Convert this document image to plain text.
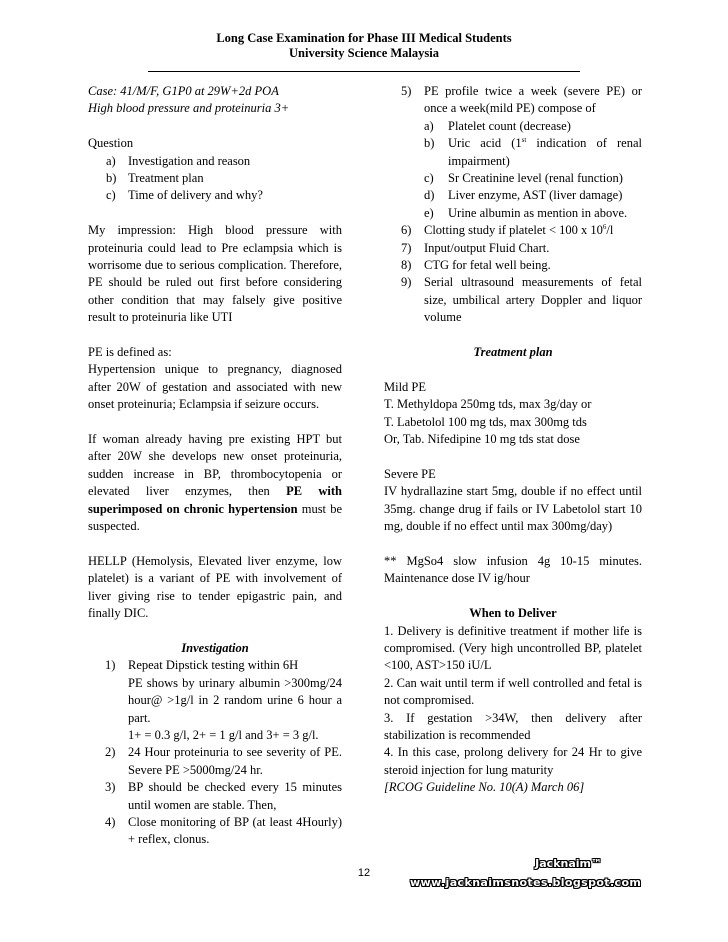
Long Case Examination for Phase III Medical Students
University Science Malaysia
Case: 41/M/F, G1P0 at 29W+2d POA
High blood pressure and proteinuria 3+
Question
a) Investigation and reason
b) Treatment plan
c) Time of delivery and why?

My impression: High blood pressure with proteinuria could lead to Pre eclampsia which is worrisome due to serious complication. Therefore, PE should be ruled out first before considering other condition that may falsely give positive result to proteinuria like UTI

PE is defined as:

Hypertension unique to pregnancy, diagnosed after 20W of gestation and associated with new onset proteinuria; Eclampsia if seizure occurs.

If woman already having pre existing HPT but after 20W she develops new onset proteinuria, sudden increase in BP, thrombocytopenia or elevated liver enzymes, then PE with superimposed on chronic hypertension must be suspected.

HELLP (Hemolysis, Elevated liver enzyme, low platelet) is a variant of PE with involvement of liver giving rise to tender epigastric pain, and finally DIC.

Investigation
1) Repeat Dipstick testing within 6H
PE shows by urinary albumin >300mg/24 hour@ >1g/l in 2 random urine 6 hour a part.
1+ = 0.3 g/l, 2+ = 1 g/l and 3+ = 3 g/l.
2) 24 Hour proteinuria to see severity of PE. Severe PE >5000mg/24 hr.
3) BP should be checked every 15 minutes until women are stable. Then,
4) Close monitoring of BP (at least 4Hourly) + reflex, clonus.
5) PE profile twice a week (severe PE) or once a week(mild PE) compose of
a) Platelet count (decrease)
b) Uric acid (1st indication of renal impairment)
c) Sr Creatinine level (renal function)
d) Liver enzyme, AST (liver damage)
e) Urine albumin as mention in above.
6) Clotting study if platelet < 100 x $10^6/l$
7) Input/output Fluid Chart.
8) CTG for fetal well being.
9) Serial ultrasound measurements of fetal size, umbilical artery Doppler and liquor volume
Treatment plan
Mild PE
T. Methyldopa 250mg tds, max 3g/day or
T. Labetolol 100 mg tds, max 300mg tds
Or, Tab. Nifedipine 10 mg tds stat dose
Severe PE

IV hydrallazine start 5mg, double if no effect until 35mg. change drug if fails or IV Labetolol start 10 mg, double if no effect until max 300mg/day)

** MgSo4 slow infusion 4g 10-15 minutes. Maintenance dose IV ig/hour

When to Deliver

1. Delivery is definitive treatment if mother life is compromised. (Very high uncontrolled BP, platelet <100, AST>150 iU/L

2. Can wait until term if well controlled and fetal is not compromised.

3. If gestation >34W, then delivery after stabilization is recommended

4. In this case, prolong delivery for 24 Hr to give steroid injection for lung maturity

[RCOG Guideline No. 10(A) March 06]
12
Jacknaim™
www.jacknaimsnotes.blogspot.com
